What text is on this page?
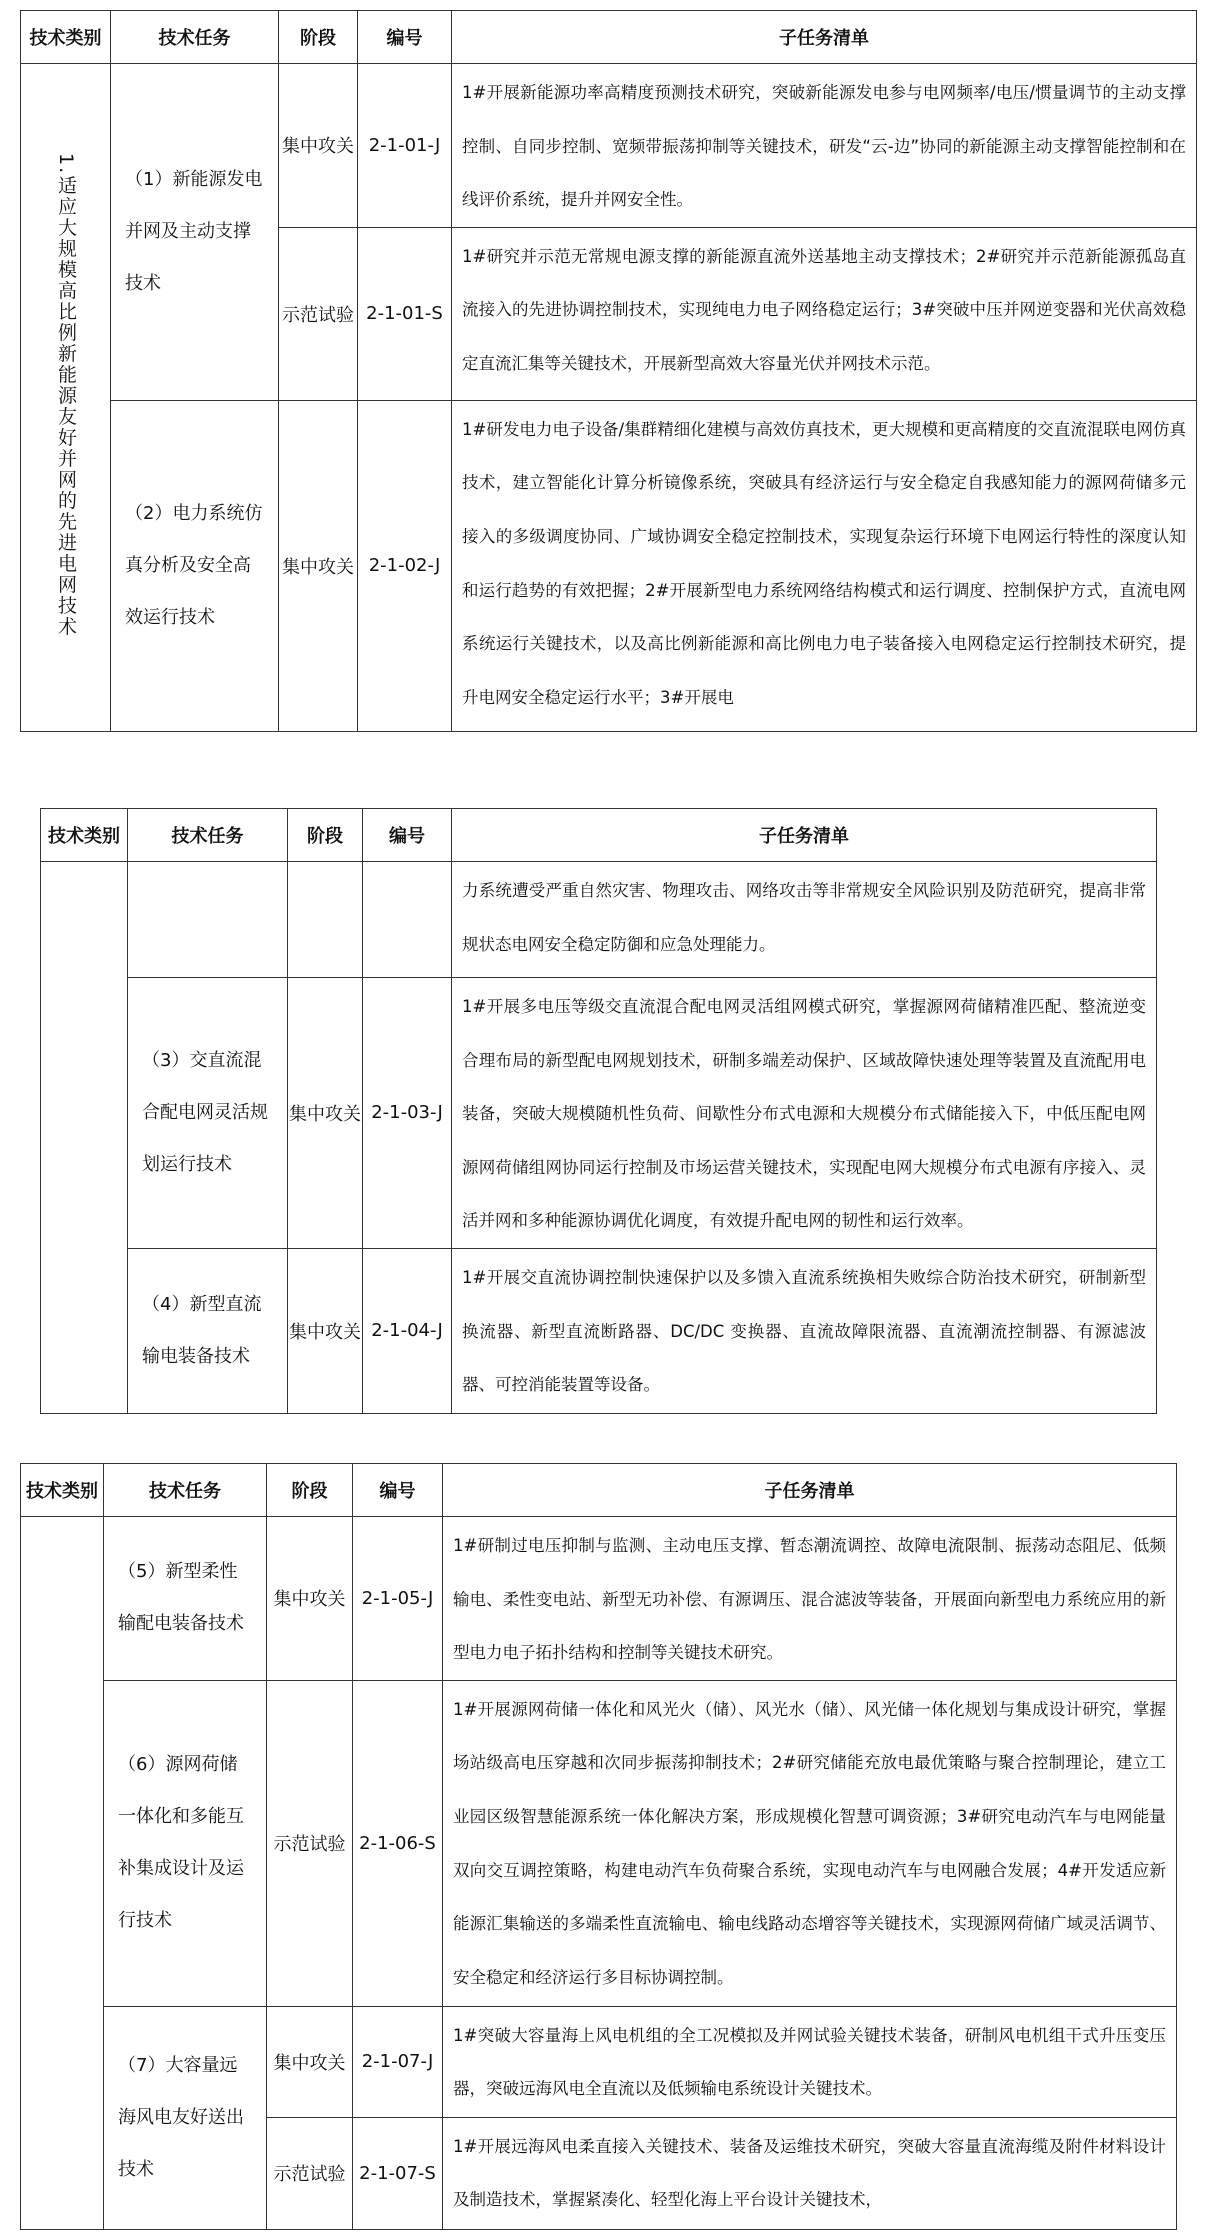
技术类别	技术任务	阶段	编号	子任务清单
1.适应大规模高比例新能源友好并网的先进电网技术	（1）新能源发电并网及主动支撑技术	集中攻关	2-1-01-J	1#开展新能源功率高精度预测技术研究，突破新能源发电参与电网频率/电压/惯量调节的主动支撑控制、自同步控制、宽频带振荡抑制等关键技术，研发“云-边”协同的新能源主动支撑智能控制和在线评价系统，提升并网安全性。
		示范试验	2-1-01-S	1#研究并示范无常规电源支撑的新能源直流外送基地主动支撑技术；2#研究并示范新能源孤岛直流接入的先进协调控制技术，实现纯电力电子网络稳定运行；3#突破中压并网逆变器和光伏高效稳定直流汇集等关键技术，开展新型高效大容量光伏并网技术示范。
	（2）电力系统仿真分析及安全高效运行技术	集中攻关	2-1-02-J	1#研发电力电子设备/集群精细化建模与高效仿真技术，更大规模和更高精度的交直流混联电网仿真技术，建立智能化计算分析镜像系统，突破具有经济运行与安全稳定自我感知能力的源网荷储多元接入的多级调度协同、广域协调安全稳定控制技术，实现复杂运行环境下电网运行特性的深度认知和运行趋势的有效把握；2#开展新型电力系统网络结构模式和运行调度、控制保护方式，直流电网系统运行关键技术，以及高比例新能源和高比例电力电子装备接入电网稳定运行控制技术研究，提升电网安全稳定运行水平；3#开展电
技术类别	技术任务	阶段	编号	子任务清单
				力系统遭受严重自然灾害、物理攻击、网络攻击等非常规安全风险识别及防范研究，提高非常规状态电网安全稳定防御和应急处理能力。
	（3）交直流混合配电网灵活规划运行技术	集中攻关	2-1-03-J	1#开展多电压等级交直流混合配电网灵活组网模式研究，掌握源网荷储精准匹配、整流逆变合理布局的新型配电网规划技术，研制多端差动保护、区域故障快速处理等装置及直流配用电装备，突破大规模随机性负荷、间歇性分布式电源和大规模分布式储能接入下，中低压配电网源网荷储组网协同运行控制及市场运营关键技术，实现配电网大规模分布式电源有序接入、灵活并网和多种能源协调优化调度，有效提升配电网的韧性和运行效率。
	（4）新型直流输电装备技术	集中攻关	2-1-04-J	1#开展交直流协调控制快速保护以及多馈入直流系统换相失败综合防治技术研究，研制新型换流器、新型直流断路器、DC/DC 变换器、直流故障限流器、直流潮流控制器、有源滤波器、可控消能装置等设备。
技术类别	技术任务	阶段	编号	子任务清单
	（5）新型柔性输配电装备技术	集中攻关	2-1-05-J	1#研制过电压抑制与监测、主动电压支撑、暂态潮流调控、故障电流限制、振荡动态阻尼、低频输电、柔性变电站、新型无功补偿、有源调压、混合滤波等装备，开展面向新型电力系统应用的新型电力电子拓扑结构和控制等关键技术研究。
	（6）源网荷储一体化和多能互补集成设计及运行技术	示范试验	2-1-06-S	1#开展源网荷储一体化和风光火（储）、风光水（储）、风光储一体化规划与集成设计研究，掌握场站级高电压穿越和次同步振荡抑制技术；2#研究储能充放电最优策略与聚合控制理论，建立工业园区级智慧能源系统一体化解决方案，形成规模化智慧可调资源；3#研究电动汽车与电网能量双向交互调控策略，构建电动汽车负荷聚合系统，实现电动汽车与电网融合发展；4#开发适应新能源汇集输送的多端柔性直流输电、输电线路动态增容等关键技术，实现源网荷储广域灵活调节、安全稳定和经济运行多目标协调控制。
	（7）大容量远海风电友好送出技术	集中攻关	2-1-07-J	1#突破大容量海上风电机组的全工况模拟及并网试验关键技术装备，研制风电机组干式升压变压器，突破远海风电全直流以及低频输电系统设计关键技术。
		示范试验	2-1-07-S	1#开展远海风电柔直接入关键技术、装备及运维技术研究，突破大容量直流海缆及附件材料设计及制造技术，掌握紧凑化、轻型化海上平台设计关键技术，
